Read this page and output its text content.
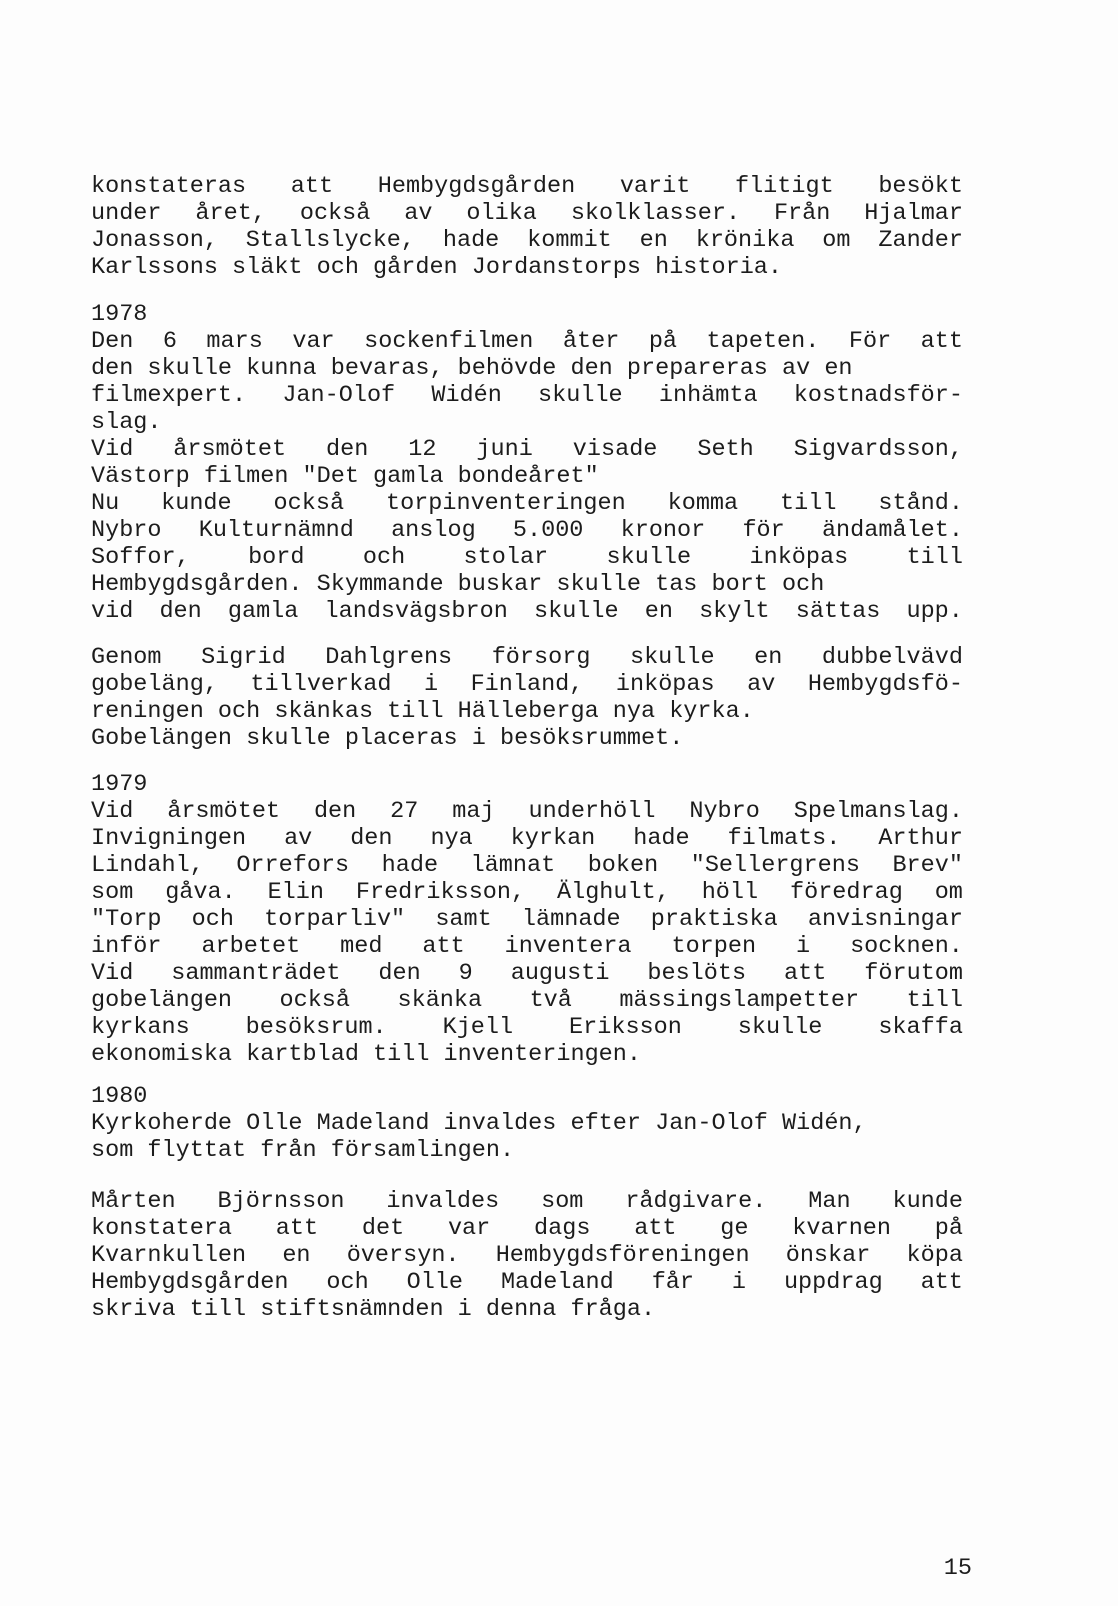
konstateras att Hembygdsgården varit flitigt besökt
under året, också av olika skolklasser. Från Hjalmar
Jonasson, Stallslycke, hade kommit en krönika om Zander
Karlssons släkt och gården Jordanstorps historia.
1978
Den 6 mars var sockenfilmen åter på tapeten. För att
den skulle kunna bevaras, behövde den prepareras av en
filmexpert. Jan-Olof Widén skulle inhämta kostnadsför-
slag.
Vid årsmötet den 12 juni visade Seth Sigvardsson,
Västorp filmen "Det gamla bondeåret"
Nu kunde också torpinventeringen komma till stånd.
Nybro Kulturnämnd anslog 5.000 kronor för ändamålet.
Soffor, bord och stolar skulle inköpas till
Hembygdsgården. Skymmande buskar skulle tas bort och
vid den gamla landsvägsbron skulle en skylt sättas upp.
Genom Sigrid Dahlgrens försorg skulle en dubbelvävd
gobeläng, tillverkad i Finland, inköpas av Hembygdsfö-
reningen och skänkas till Hälleberga nya kyrka.
Gobelängen skulle placeras i besöksrummet.
1979
Vid årsmötet den 27 maj underhöll Nybro Spelmanslag.
Invigningen av den nya kyrkan hade filmats. Arthur
Lindahl, Orrefors hade lämnat boken "Sellergrens Brev"
som gåva. Elin Fredriksson, Älghult, höll föredrag om
"Torp och torparliv" samt lämnade praktiska anvisningar
inför arbetet med att inventera torpen i socknen.
Vid sammanträdet den 9 augusti beslöts att förutom
gobelängen också skänka två mässingslampetter till
kyrkans besöksrum. Kjell Eriksson skulle skaffa
ekonomiska kartblad till inventeringen.
1980
Kyrkoherde Olle Madeland invaldes efter Jan-Olof Widén,
som flyttat från församlingen.
Mårten Björnsson invaldes som rådgivare. Man kunde
konstatera att det var dags att ge kvarnen på
Kvarnkullen en översyn. Hembygdsföreningen önskar köpa
Hembygdsgården och Olle Madeland får i uppdrag att
skriva till stiftsnämnden i denna fråga.
15
